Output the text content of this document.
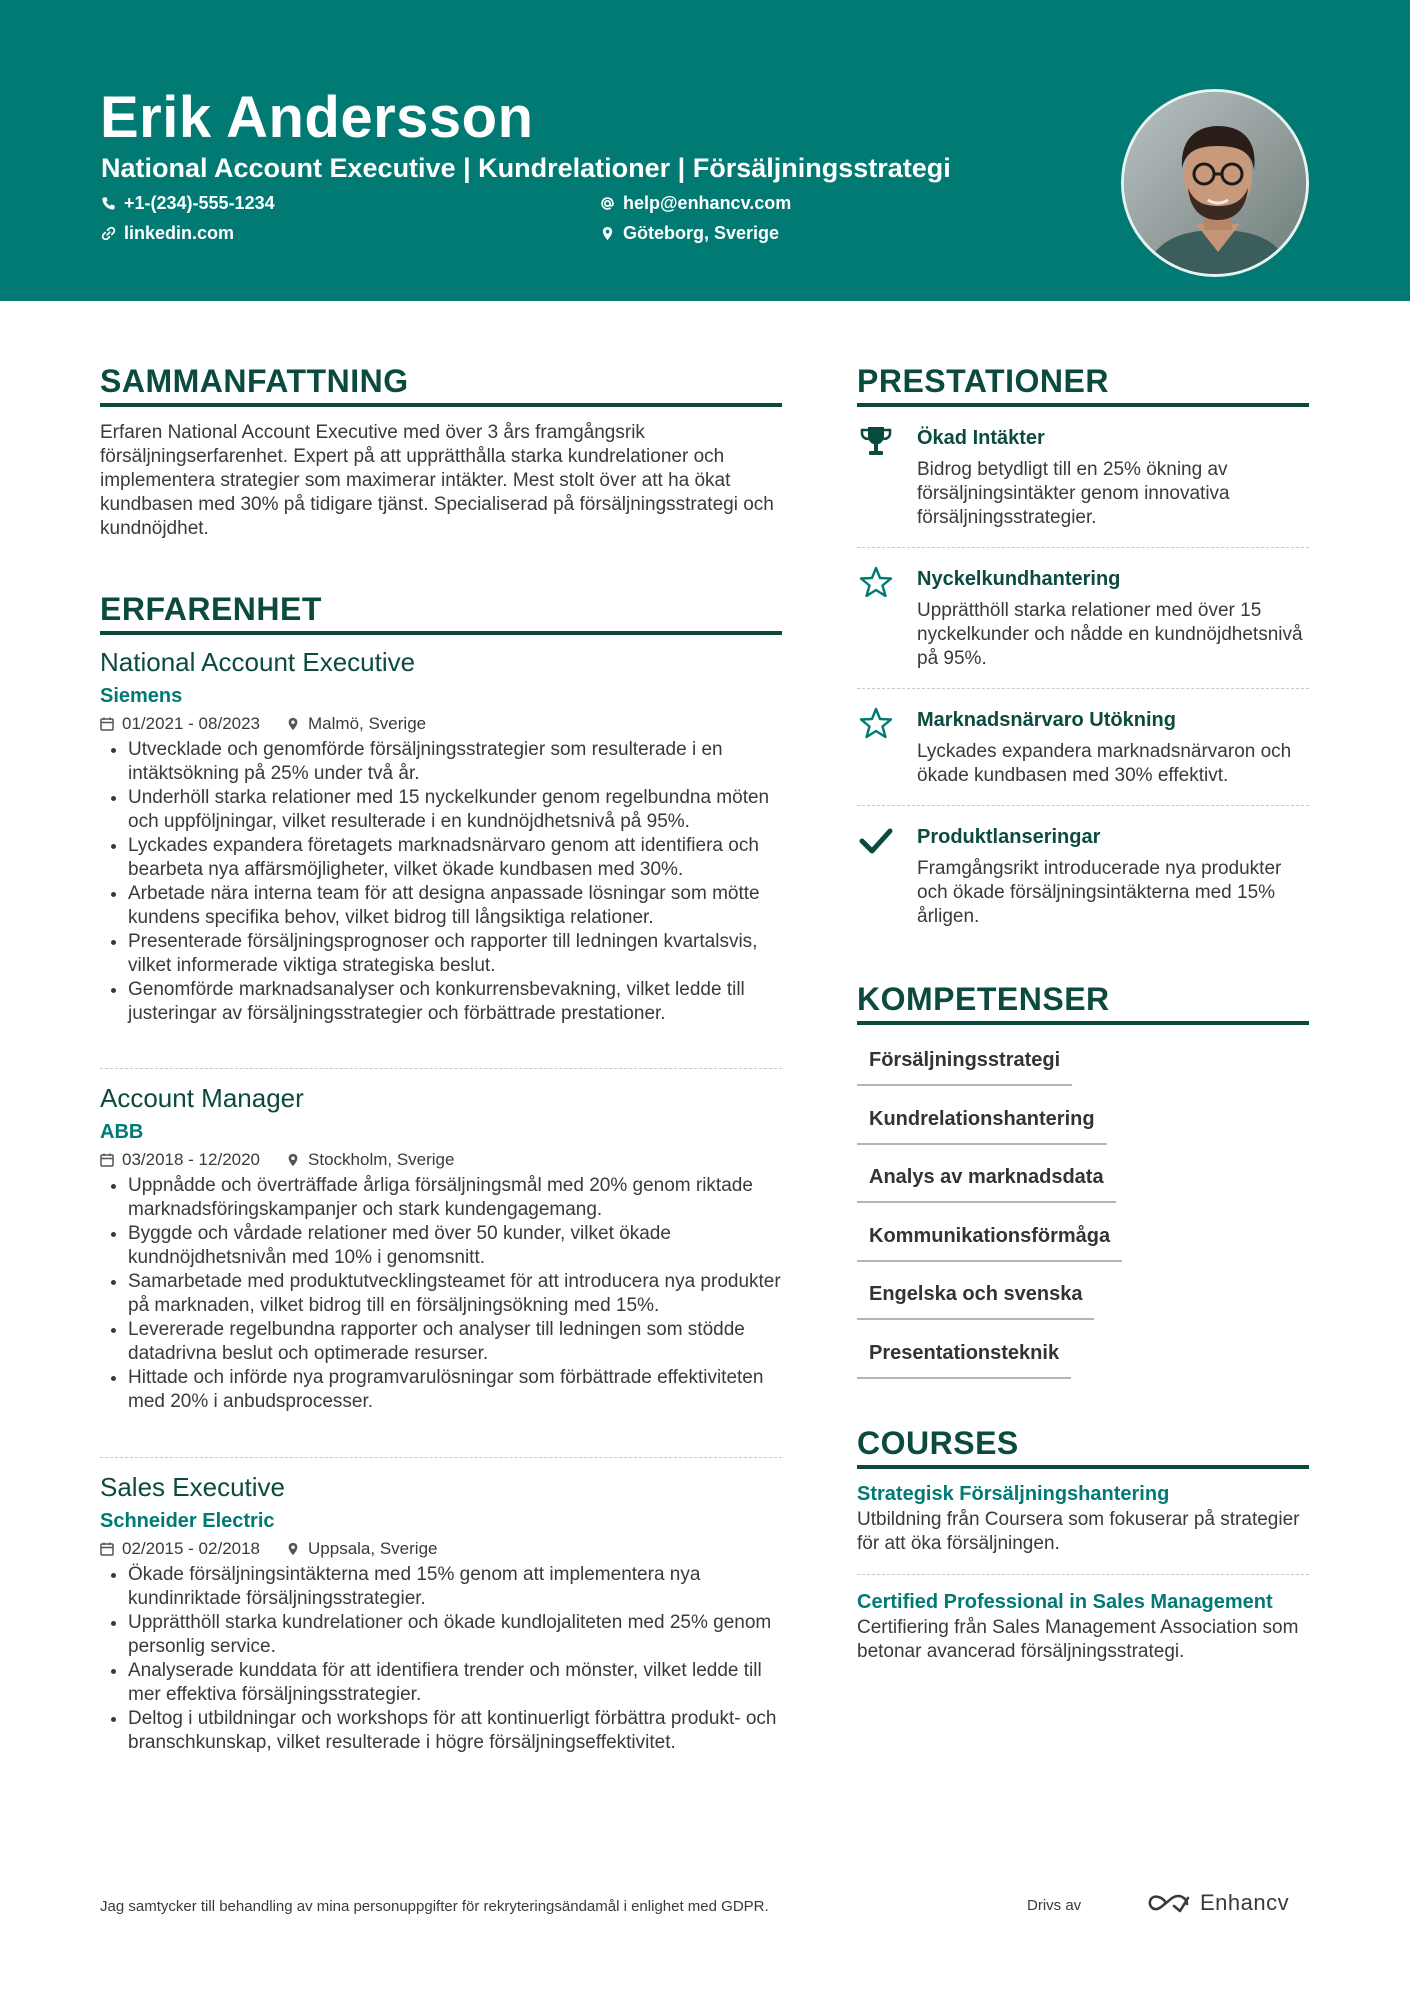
Erik Andersson
National Account Executive | Kundrelationer | Försäljningsstrategi
+1-(234)-555-1234	help@enhancv.com
linkedin.com	Göteborg, Sverige
SAMMANFATTNING

Erfaren National Account Executive med över 3 års framgångsrik försäljningserfarenhet. Expert på att upprätthålla starka kundrelationer och implementera strategier som maximerar intäkter. Mest stolt över att ha ökat kundbasen med 30% på tidigare tjänst. Specialiserad på försäljningsstrategi och kundnöjdhet.

ERFARENHET

National Account Executive

Siemens
01/2021 - 08/2023	Malmö, Sverige
• Utvecklade och genomförde försäljningsstrategier som resulterade i en intäktsökning på 25% under två år.
• Underhöll starka relationer med 15 nyckelkunder genom regelbundna möten och uppföljningar, vilket resulterade i en kundnöjdhetsnivå på 95%.
• Lyckades expandera företagets marknadsnärvaro genom att identifiera och bearbeta nya affärsmöjligheter, vilket ökade kundbasen med 30%.
• Arbetade nära interna team för att designa anpassade lösningar som mötte kundens specifika behov, vilket bidrog till långsiktiga relationer.
• Presenterade försäljningsprognoser och rapporter till ledningen kvartalsvis, vilket informerade viktiga strategiska beslut.
• Genomförde marknadsanalyser och konkurrensbevakning, vilket ledde till justeringar av försäljningsstrategier och förbättrade prestationer.

Account Manager

ABB
03/2018 - 12/2020	Stockholm, Sverige
• Uppnådde och överträffade årliga försäljningsmål med 20% genom riktade marknadsföringskampanjer och stark kundengagemang.
• Byggde och vårdade relationer med över 50 kunder, vilket ökade kundnöjdhetsnivån med 10% i genomsnitt.
• Samarbetade med produktutvecklingsteamet för att introducera nya produkter på marknaden, vilket bidrog till en försäljningsökning med 15%.
• Levererade regelbundna rapporter och analyser till ledningen som stödde datadrivna beslut och optimerade resurser.
• Hittade och införde nya programvarulösningar som förbättrade effektiviteten med 20% i anbudsprocesser.

Sales Executive

Schneider Electric
02/2015 - 02/2018	Uppsala, Sverige
• Ökade försäljningsintäkterna med 15% genom att implementera nya kundinriktade försäljningsstrategier.
• Upprätthöll starka kundrelationer och ökade kundlojaliteten med 25% genom personlig service.
• Analyserade kunddata för att identifiera trender och mönster, vilket ledde till mer effektiva försäljningsstrategier.
• Deltog i utbildningar och workshops för att kontinuerligt förbättra produkt- och branschkunskap, vilket resulterade i högre försäljningseffektivitet.
PRESTATIONER
Ökad Intäkter
Bidrog betydligt till en 25% ökning av försäljningsintäkter genom innovativa försäljningsstrategier.
Nyckelkundhantering
Upprätthöll starka relationer med över 15 nyckelkunder och nådde en kundnöjdhetsnivå på 95%.
Marknadsnärvaro Utökning
Lyckades expandera marknadsnärvaron och ökade kundbasen med 30% effektivt.
Produktlanseringar
Framgångsrikt introducerade nya produkter och ökade försäljningsintäkterna med 15% årligen.
KOMPETENSER
Försäljningsstrategi
Kundrelationshantering
Analys av marknadsdata
Kommunikationsförmåga
Engelska och svenska
Presentationsteknik
COURSES
Strategisk Försäljningshantering
Utbildning från Coursera som fokuserar på strategier för att öka försäljningen.
Certified Professional in Sales Management
Certifiering från Sales Management Association som betonar avancerad försäljningsstrategi.
Jag samtycker till behandling av mina personuppgifter för rekryteringsändamål i enlighet med GDPR.	Drivs av	Enhancv
